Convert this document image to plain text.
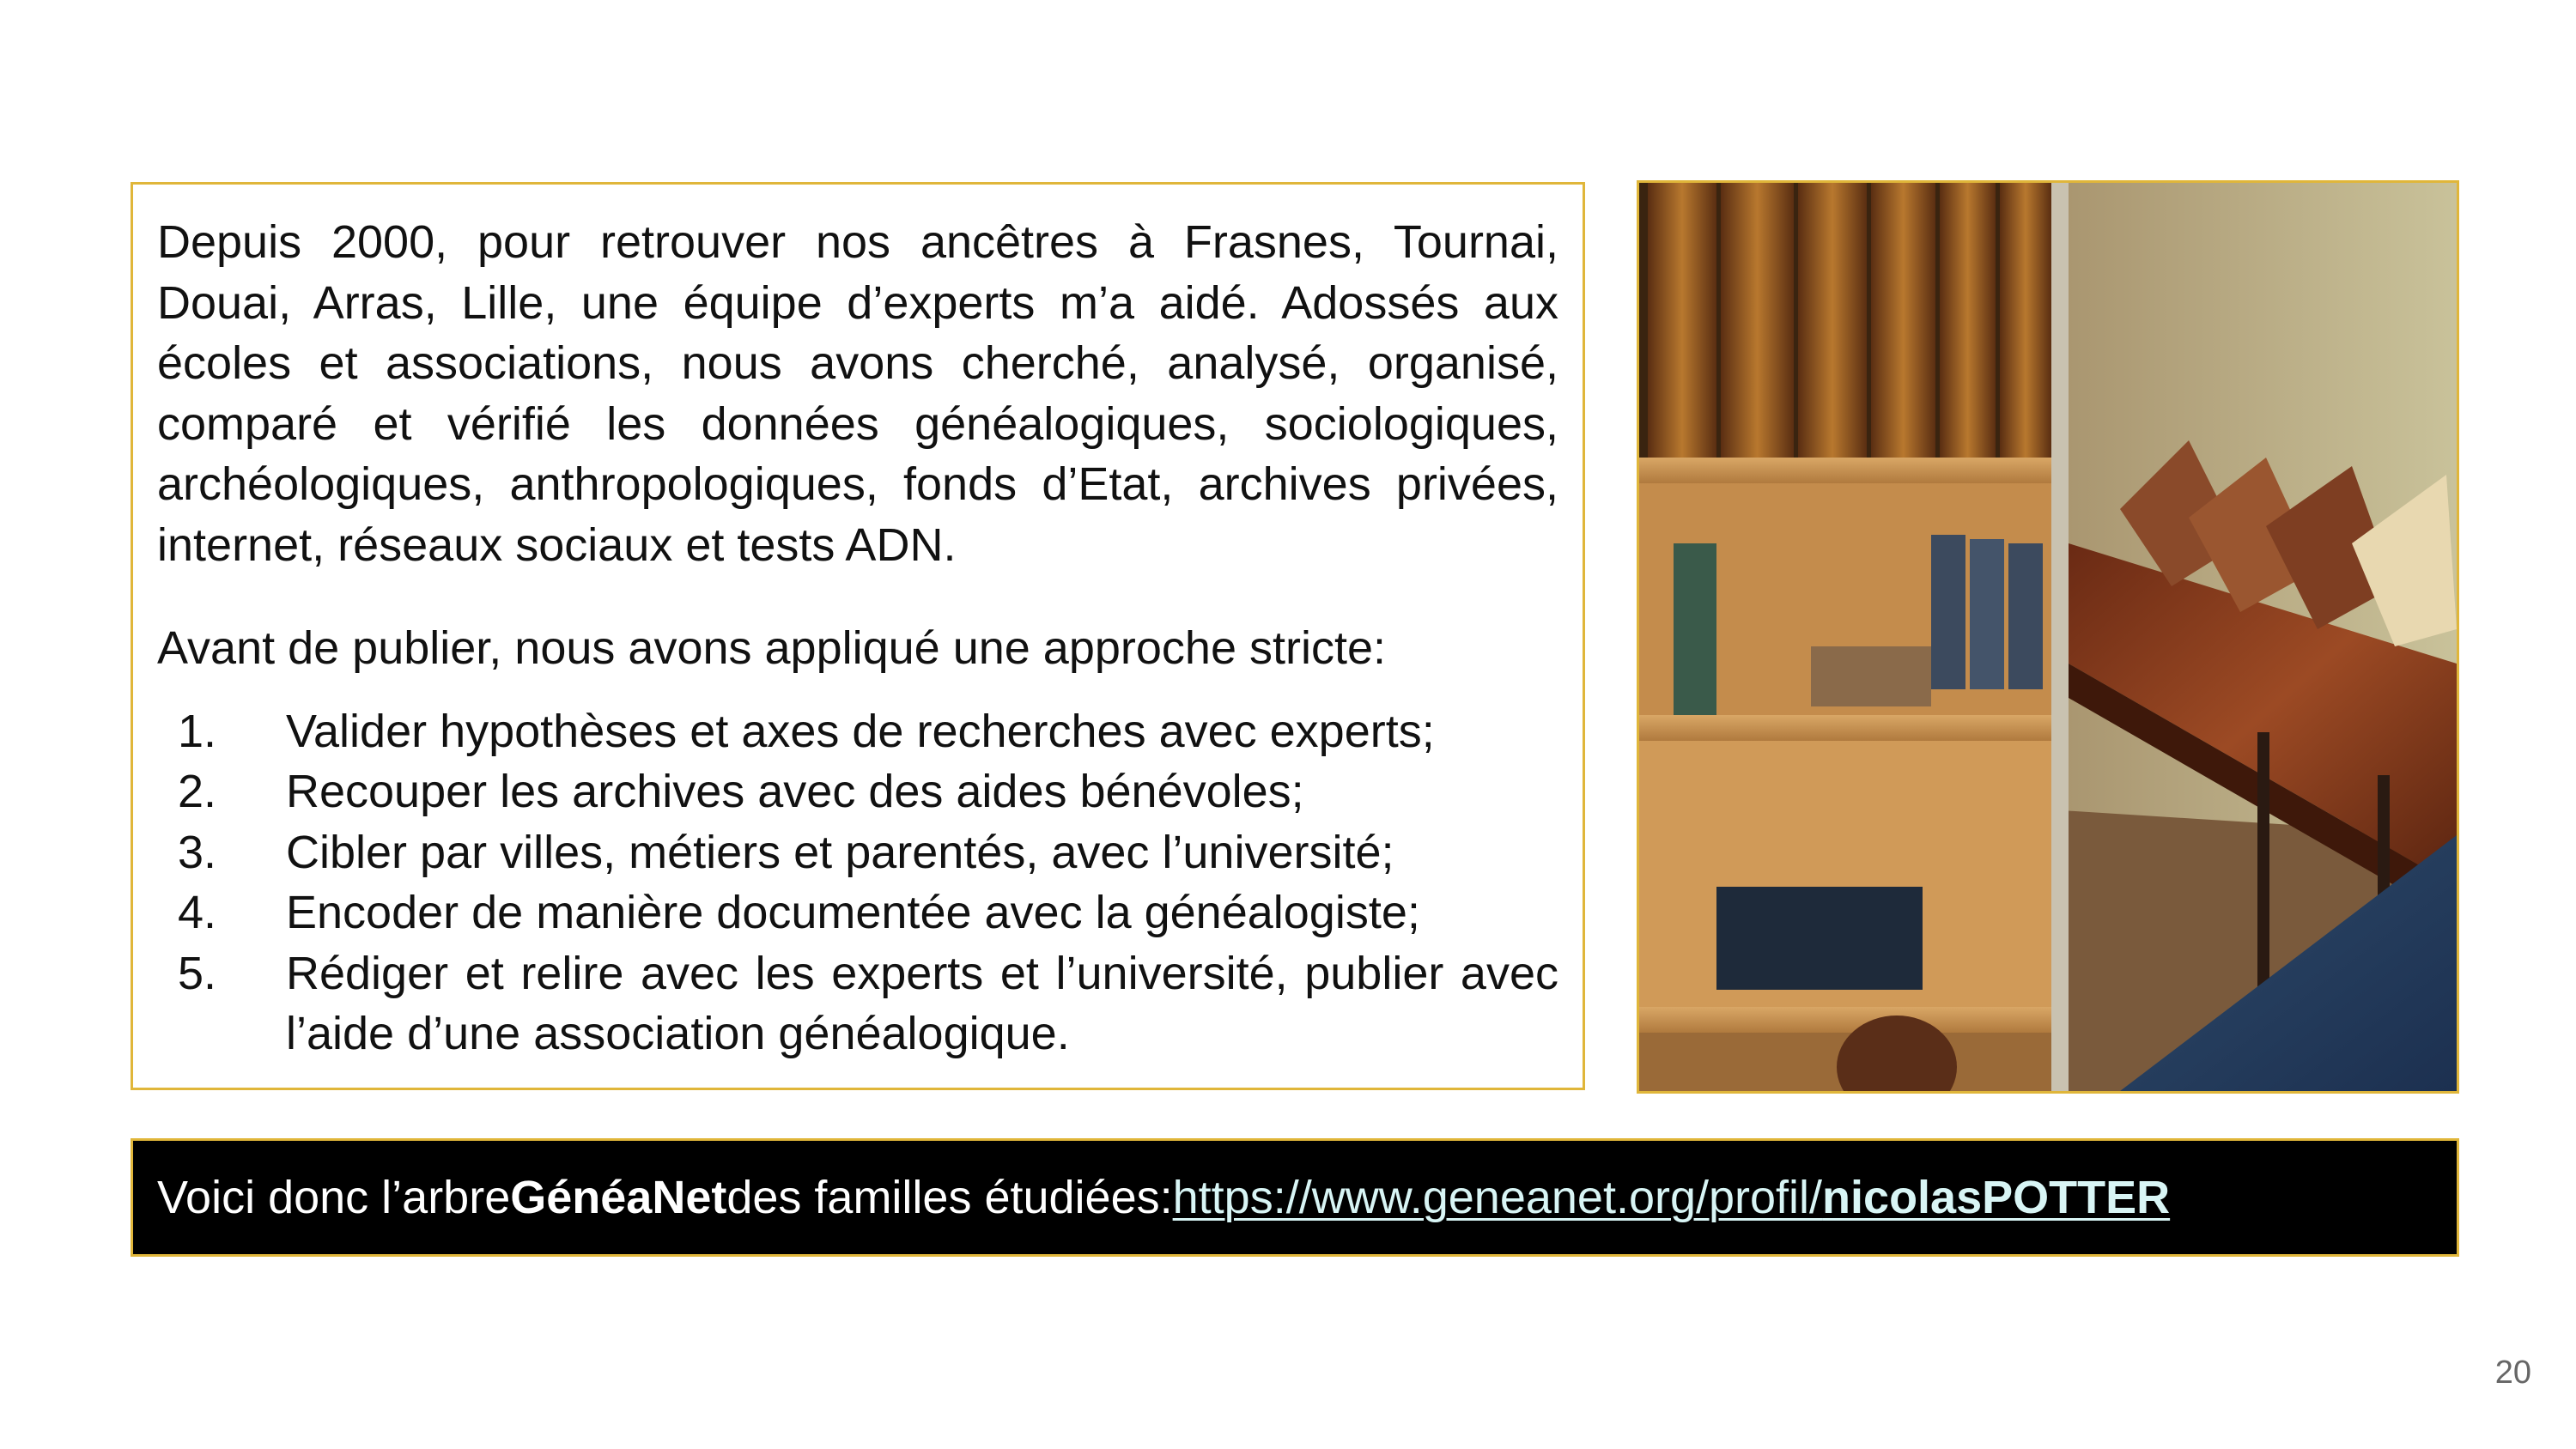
Depuis 2000, pour retrouver nos ancêtres à Frasnes, Tournai, Douai, Arras, Lille, une équipe d’experts m’a aidé. Adossés aux écoles et associations, nous avons cherché, analysé, organisé, comparé et vérifié les données généalogiques, sociologiques, archéologiques, anthropologiques, fonds d’Etat, archives privées, internet, réseaux sociaux et tests ADN.

Avant de publier, nous avons appliqué une approche stricte:

1.	Valider hypothèses et axes de recherches avec experts;
2.	Recouper les archives avec des aides bénévoles;
3.	Cibler par villes, métiers et parentés, avec l’université;
4.	Encoder de manière documentée avec la généalogiste;
5.	Rédiger et relire avec les experts et l’université, publier avec l’aide d’une association généalogique.
Voici donc l’arbre GénéaNet des familles étudiées: https://www.geneanet.org/profil/nicolasPOTTER
20
